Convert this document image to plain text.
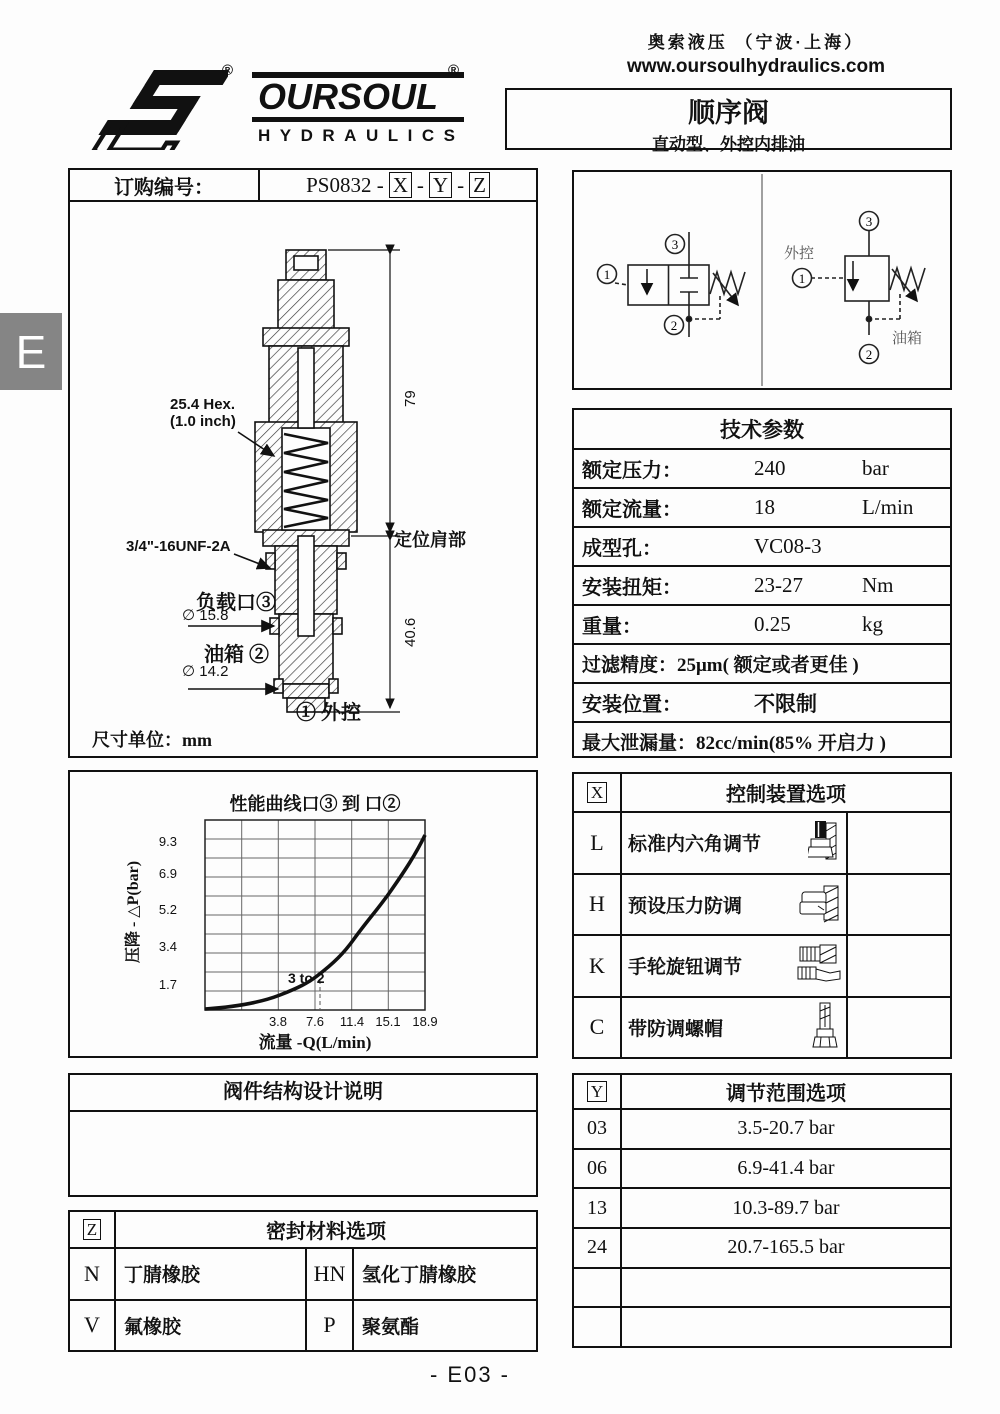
®
OURSOUL
HYDRAULICS
®
奥索液压 （宁波·上海）
www.oursoulhydraulics.com
顺序阀
直动型、外控内排油
订购编号：	PS0832 - X - Y - Z
25.4 Hex.
(1.0 inch)
3/4"-16UNF-2A	定位肩部
79
40.6
负载口③
∅ 15.8
油箱 ②
∅ 14.2
① 外控
尺寸单位：mm
1
3
2
1
3
2
外控
油箱
技术参数
额定压力：	240	bar
额定流量：	18	L/min
成型孔：	VC08-3
安装扭矩：	23-27	Nm
重量：	0.25	kg
过滤精度：25μm( 额定或者更佳 )
安装位置：	不限制
最大泄漏量：82cc/min(85% 开启力 )
性能曲线口③ 到 口②
9.3
6.9
5.2
3.4
1.7
3.8	7.6	11.4 15.1 18.9
3 to 2
压降 - △P(bar)
流量 -Q(L/min)
X	控制装置选项
L	标准内六角调节
H	预设压力防调
K	手轮旋钮调节
C	带防调螺帽
阀件结构设计说明	Y	调节范围选项
03	3.5-20.7 bar
06	6.9-41.4 bar
13	10.3-89.7 bar
24	20.7-165.5 bar
Z	密封材料选项
N	丁腈橡胶	HN 氢化丁腈橡胶
V	氟橡胶	P	聚氨酯
E
- E03 -
